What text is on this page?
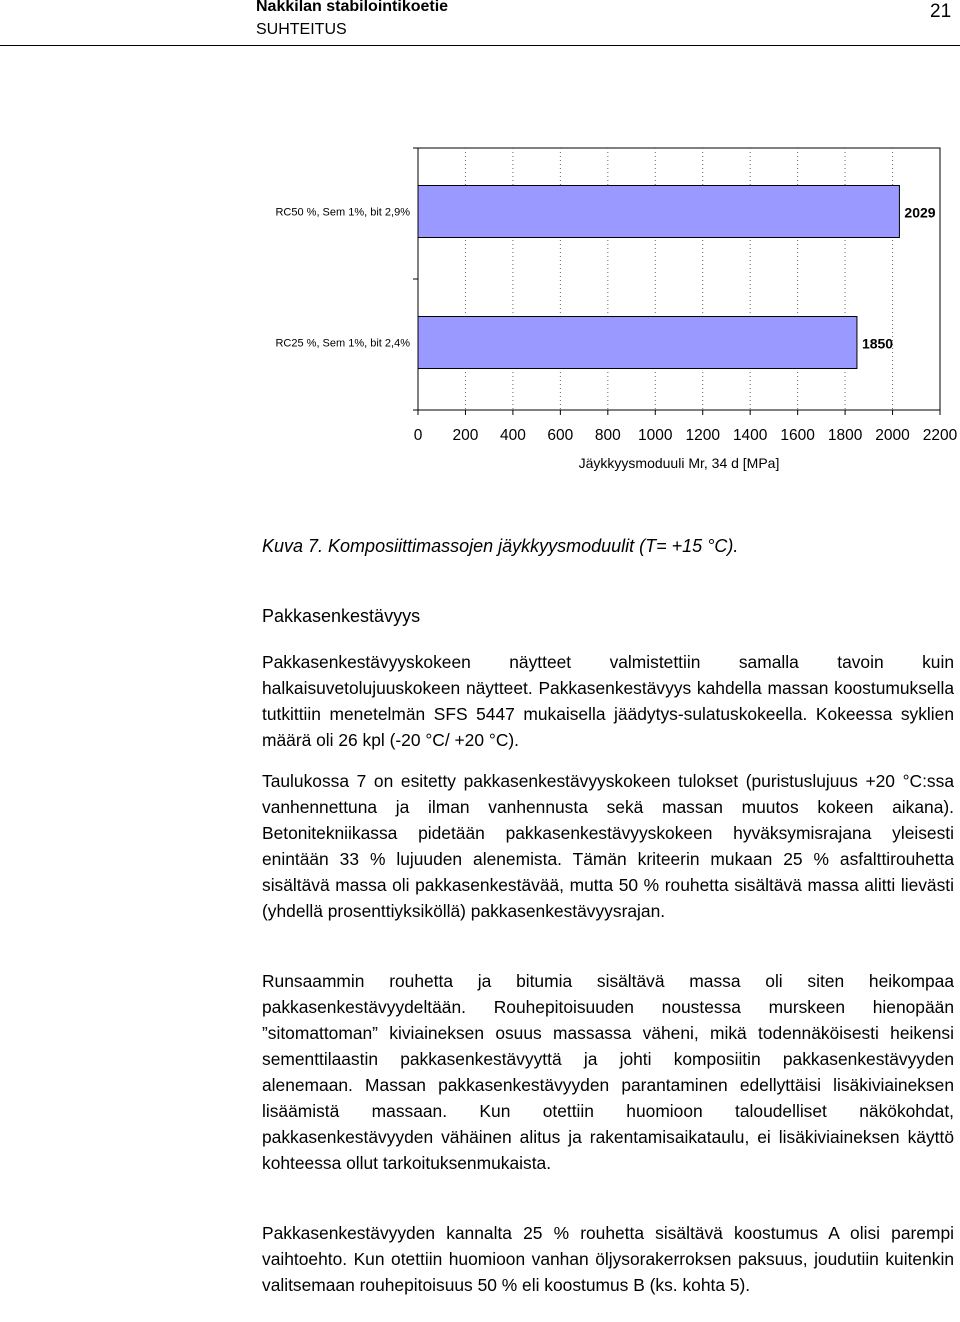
Nakkilan stabilointikoetie
SUHTEITUS
21
RC50 %, Sem 1%, bit 2,9%	2029
RC25 %, Sem 1%, bit 2,4%	1850
0 200 400 600 800 1000 1200 1400 1600 1800 2000 2200
Jäykkyysmoduuli Mr, 34 d [MPa]
Kuva 7. Komposiittimassojen jäykkyysmoduulit (T= +15 °C).
Pakkasenkestävyys

Pakkasenkestävyyskokeen näytteet valmistettiin samalla tavoin kuin halkaisuvetolujuuskokeen näytteet. Pakkasenkestävyys kahdella massan koostumuksella tutkittiin menetelmän SFS 5447 mukaisella jäädytys-sulatuskokeella. Kokeessa syklien määrä oli 26 kpl (-20 °C/ +20 °C).

Taulukossa 7 on esitetty pakkasenkestävyyskokeen tulokset (puristuslujuus +20 °C:ssa vanhennettuna ja ilman vanhennusta sekä massan muutos kokeen aikana). Betonitekniikassa pidetään pakkasenkestävyyskokeen hyväksymisrajana yleisesti enintään 33 % lujuuden alenemista. Tämän kriteerin mukaan 25 % asfalttirouhetta sisältävä massa oli pakkasenkestävää, mutta 50 % rouhetta sisältävä massa alitti lievästi (yhdellä prosenttiyksiköllä) pakkasenkestävyysrajan.

Runsaammin rouhetta ja bitumia sisältävä massa oli siten heikompaa pakkasenkestävyydeltään. Rouhepitoisuuden noustessa murskeen hienopään ”sitomattoman” kiviaineksen osuus massassa väheni, mikä todennäköisesti heikensi sementtilaastin pakkasenkestävyyttä ja johti komposiitin pakkasenkestävyyden alenemaan. Massan pakkasenkestävyyden parantaminen edellyttäisi lisäkiviaineksen lisäämistä massaan. Kun otettiin huomioon taloudelliset näkökohdat, pakkasenkestävyyden vähäinen alitus ja rakentamisaikataulu, ei lisäkiviaineksen käyttö kohteessa ollut tarkoituksenmukaista.

Pakkasenkestävyyden kannalta 25 % rouhetta sisältävä koostumus A olisi parempi vaihtoehto. Kun otettiin huomioon vanhan öljysorakerroksen paksuus, joudutiin kuitenkin valitsemaan rouhepitoisuus 50 % eli koostumus B (ks. kohta 5).
